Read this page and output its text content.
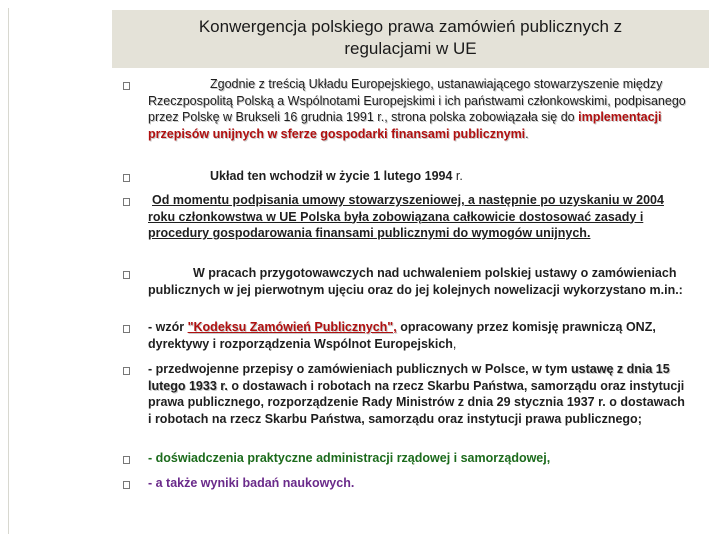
Konwergencja polskiego prawa zamówień publicznych z
regulacjami w UE
Zgodnie z treścią Układu Europejskiego, ustanawiającego stowarzyszenie między Rzeczpospolitą Polską a Wspólnotami Europejskimi i ich państwami członkowskimi, podpisanego przez Polskę w Brukseli 16 grudnia 1991 r., strona polska zobowiązała się do implementacji przepisów unijnych w sferze gospodarki finansami publicznymi.
Układ ten wchodził w życie 1 lutego 1994 r.
Od momentu podpisania umowy stowarzyszeniowej, a następnie po uzyskaniu w 2004 roku członkowstwa w UE Polska była zobowiązana całkowicie dostosować zasady i procedury gospodarowania finansami publicznymi do wymogów unijnych.
W pracach przygotowawczych nad uchwaleniem polskiej ustawy o zamówieniach publicznych w jej pierwotnym ujęciu oraz do jej kolejnych nowelizacji wykorzystano m.in.:
- wzór "Kodeksu Zamówień Publicznych", opracowany przez komisję prawniczą ONZ, dyrektywy i rozporządzenia Wspólnot Europejskich,
- przedwojenne przepisy o zamówieniach publicznych w Polsce, w tym ustawę z dnia 15 lutego 1933 r. o dostawach i robotach na rzecz Skarbu Państwa, samorządu oraz instytucji prawa publicznego, rozporządzenie Rady Ministrów z dnia 29 stycznia 1937 r. o dostawach i robotach na rzecz Skarbu Państwa, samorządu oraz instytucji prawa publicznego;
- doświadczenia praktyczne administracji rządowej i samorządowej,
- a także wyniki badań naukowych.
